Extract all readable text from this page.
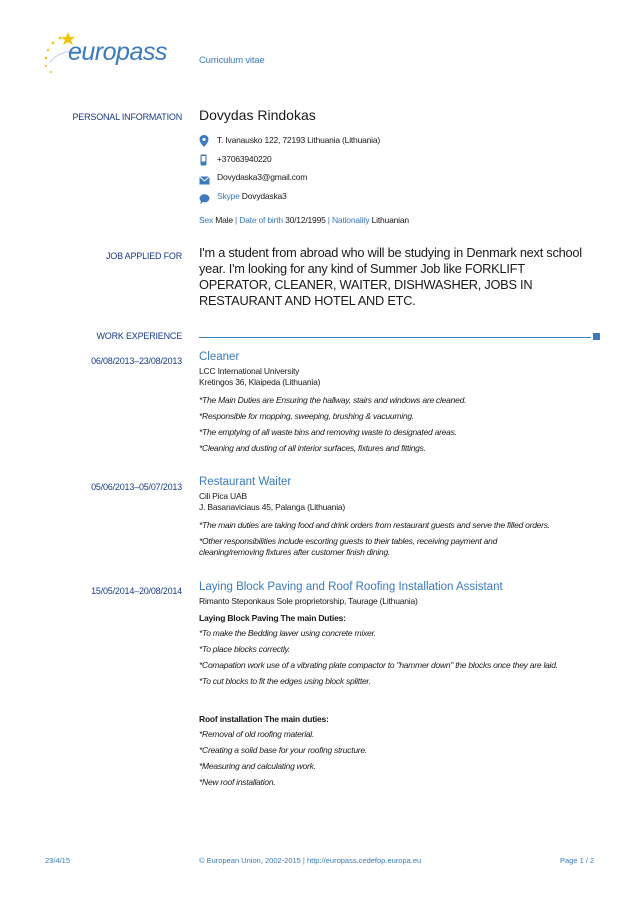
europass	Curriculum vitae
PERSONAL INFORMATION Dovydas Rindokas
T. Ivanausko 122, 72193 Lithuania (Lithuania)
+37063940220
Dovydaska3@gmail.com
Skype Dovydaska3
Sex Male | Date of birth 30/12/1995 | Nationality Lithuanian
JOB APPLIED FOR I'm a student from abroad who will be studying in Denmark next school year. I'm looking for any kind of Summer Job like FORKLIFT OPERATOR, CLEANER, WAITER, DISHWASHER, JOBS IN RESTAURANT AND HOTEL AND ETC.
WORK EXPERIENCE
06/08/2013–23/08/2013 Cleaner
LCC International University
Kretingos 36, Klaipeda (Lithuania)
*The Main Duties are Ensuring the hallway, stairs and windows are cleaned.
*Responsible for mopping, sweeping, brushing & vacuuming.
*The emptying of all waste bins and removing waste to designated areas.
*Cleaning and dusting of all interior surfaces, fixtures and fittings.
05/06/2013–05/07/2013 Restaurant Waiter
Cili Pica UAB
J. Basanaviciaus 45, Palanga (Lithuania)
*The main duties are taking food and drink orders from restaurant guests and serve the filled orders.
*Other responsibilities include escorting guests to their tables, receiving payment and cleaning/removing fixtures after customer finish dining.
15/05/2014–20/08/2014 Laying Block Paving and Roof Roofing Installation Assistant
Rimanto Steponkaus Sole proprietorship, Taurage (Lithuania)
Laying Block Paving The main Duties:
*To make the Bedding lawer using concrete mixer.
*To place blocks correctly.
*Comapation work use of a vibrating plate compactor to "hammer down" the blocks once they are laid.
*To cut blocks to fit the edges using block splitter.
Roof installation The main duties:
*Removal of old roofing material.
*Creating a solid base for your roofing structure.
*Measuring and calculating work.
*New roof installation.
23/4/15	© European Union, 2002-2015 | http://europass.cedefop.europa.eu	Page 1 / 2
